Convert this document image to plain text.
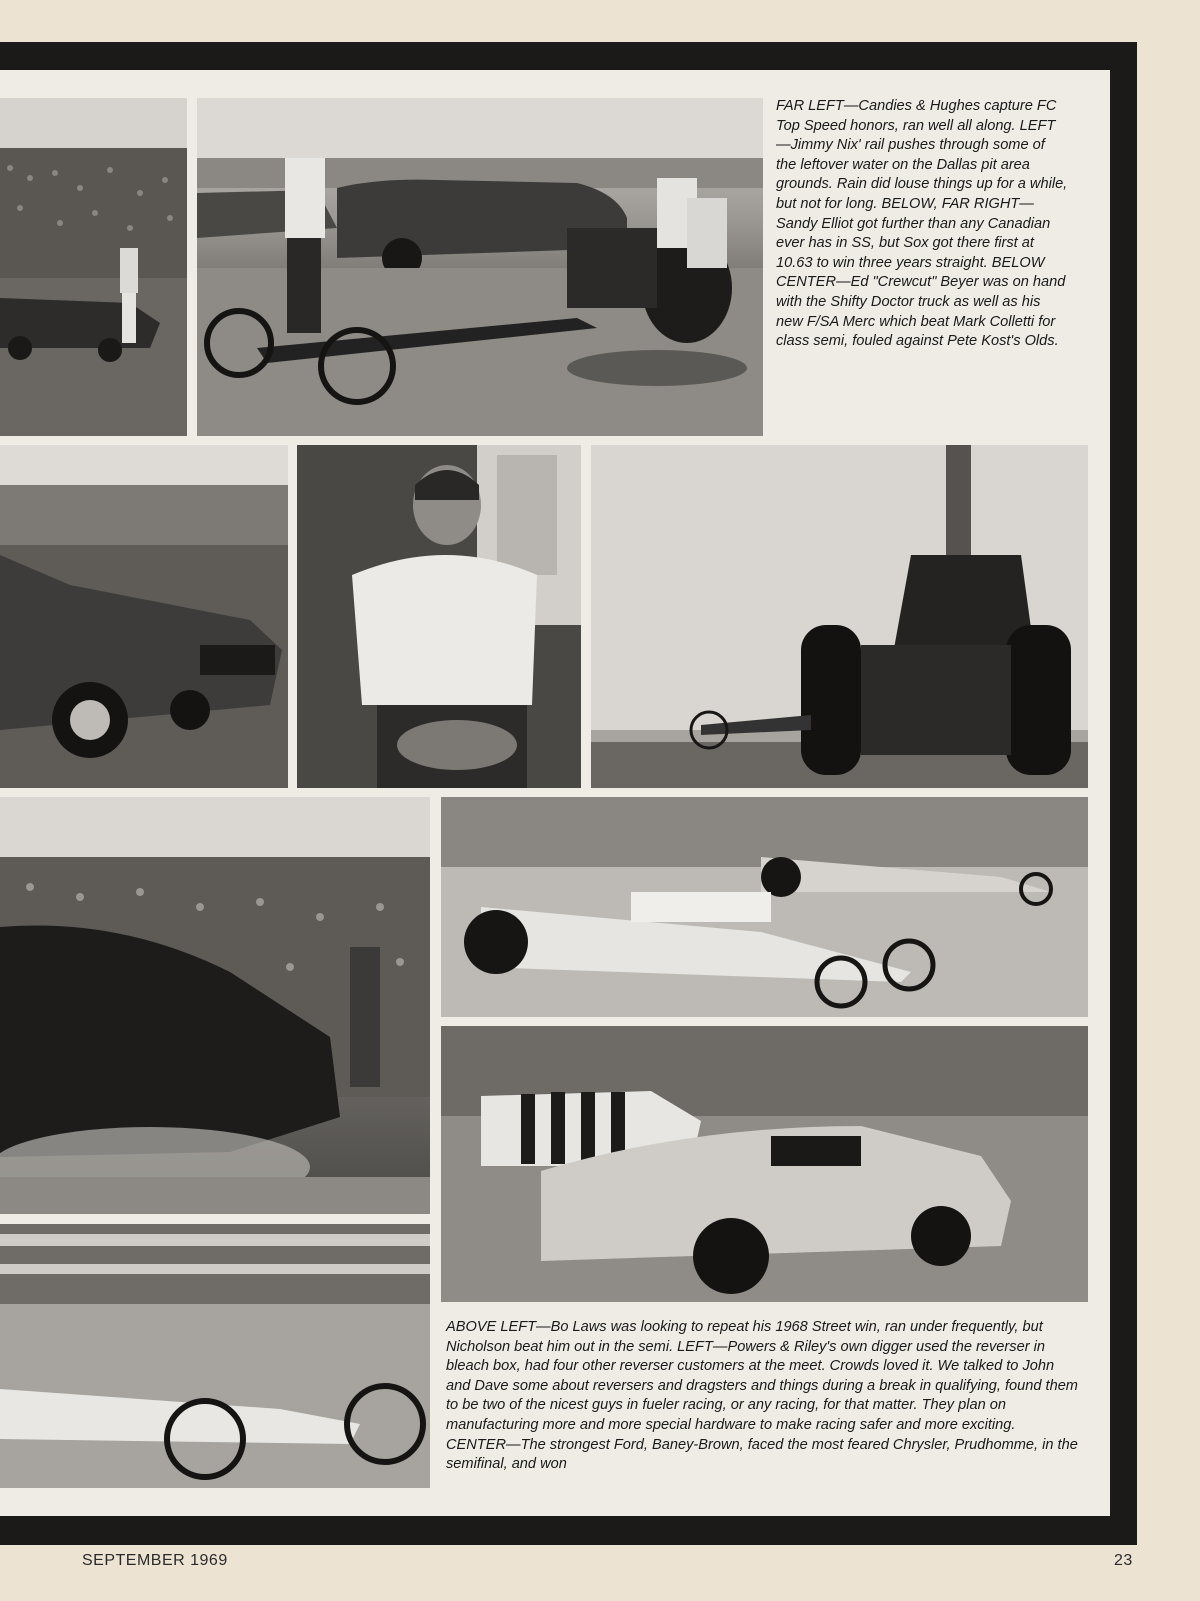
FAR LEFT—Candies & Hughes capture FC Top Speed honors, ran well all along. LEFT—Jimmy Nix' rail pushes through some of the leftover water on the Dallas pit area grounds. Rain did louse things up for a while, but not for long. BELOW, FAR RIGHT—Sandy Elliot got further than any Canadian ever has in SS, but Sox got there first at 10.63 to win three years straight. BELOW CENTER—Ed "Crewcut" Beyer was on hand with the Shifty Doctor truck as well as his new F/SA Merc which beat Mark Colletti for class semi, fouled against Pete Kost's Olds.
ABOVE LEFT—Bo Laws was looking to repeat his 1968 Street win, ran under frequently, but Nicholson beat him out in the semi. LEFT—Powers & Riley's own digger used the reverser in bleach box, had four other reverser customers at the meet. Crowds loved it. We talked to John and Dave some about reversers and dragsters and things during a break in qualifying, found them to be two of the nicest guys in fueler racing, or any racing, for that matter. They plan on manufacturing more and more special hardware to make racing safer and more exciting. CENTER—The strongest Ford, Baney-Brown, faced the most feared Chrysler, Prudhomme, in the semifinal, and won
SEPTEMBER 1969	23
